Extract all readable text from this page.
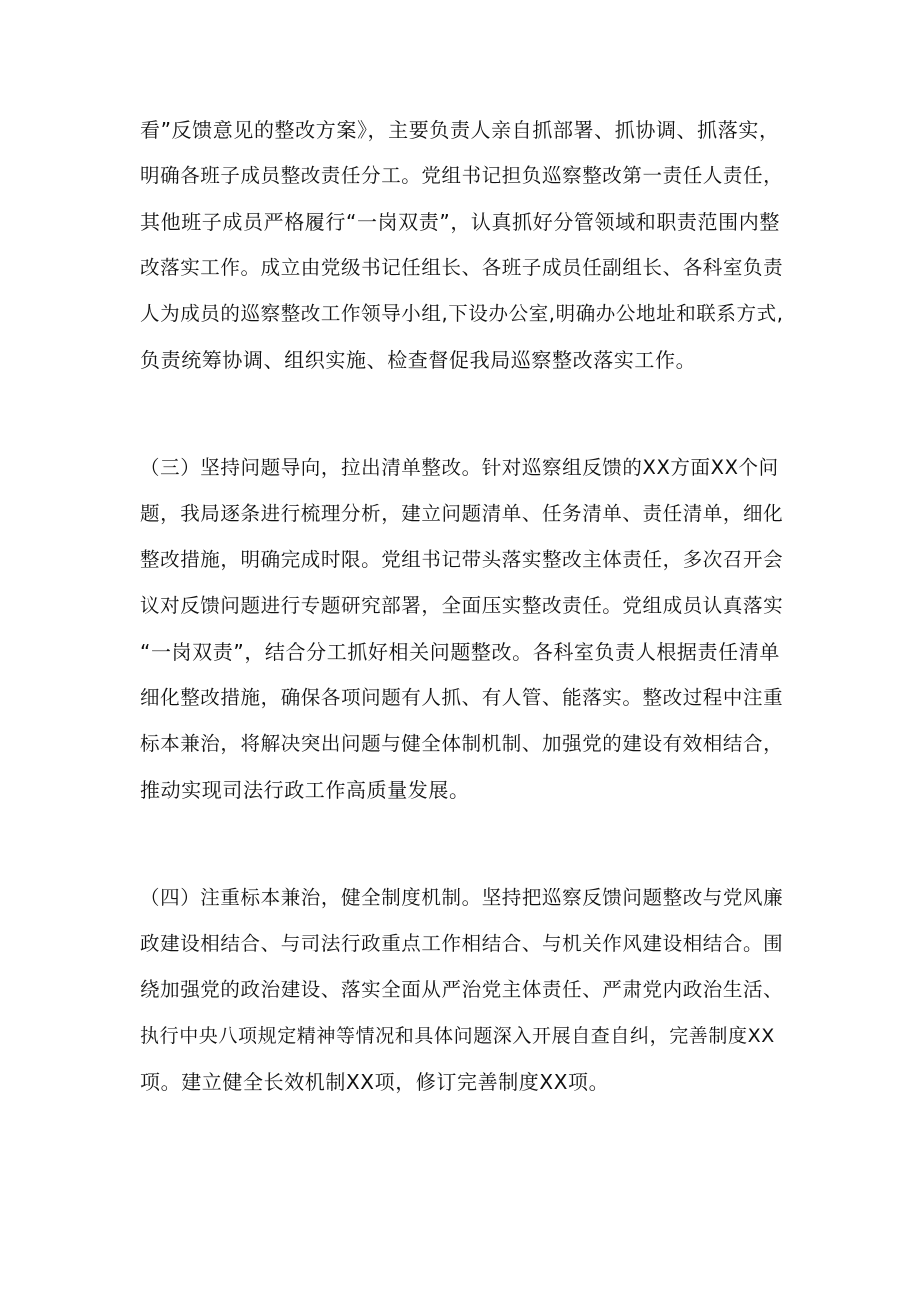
看”反馈意见的整改方案》，主要负责人亲自抓部署、抓协调、抓落实，
明确各班子成员整改责任分工。党组书记担负巡察整改第一责任人责任，
其他班子成员严格履行“一岗双责”，认真抓好分管领域和职责范围内整
改落实工作。成立由党级书记任组长、各班子成员任副组长、各科室负责
人为成员的巡察整改工作领导小组,下设办公室,明确办公地址和联系方式,
负责统筹协调、组织实施、检查督促我局巡察整改落实工作。
（三）坚持问题导向，拉出清单整改。针对巡察组反馈的XX方面XX个问
题，我局逐条进行梳理分析，建立问题清单、任务清单、责任清单，细化
整改措施，明确完成时限。党组书记带头落实整改主体责任，多次召开会
议对反馈问题进行专题研究部署，全面压实整改责任。党组成员认真落实
“一岗双责”，结合分工抓好相关问题整改。各科室负责人根据责任清单
细化整改措施，确保各项问题有人抓、有人管、能落实。整改过程中注重
标本兼治，将解决突出问题与健全体制机制、加强党的建设有效相结合，
推动实现司法行政工作高质量发展。
（四）注重标本兼治，健全制度机制。坚持把巡察反馈问题整改与党风廉
政建设相结合、与司法行政重点工作相结合、与机关作风建设相结合。围
绕加强党的政治建设、落实全面从严治党主体责任、严肃党内政治生活、
执行中央八项规定精神等情况和具体问题深入开展自查自纠，完善制度XX
项。建立健全长效机制XX项，修订完善制度XX项。
